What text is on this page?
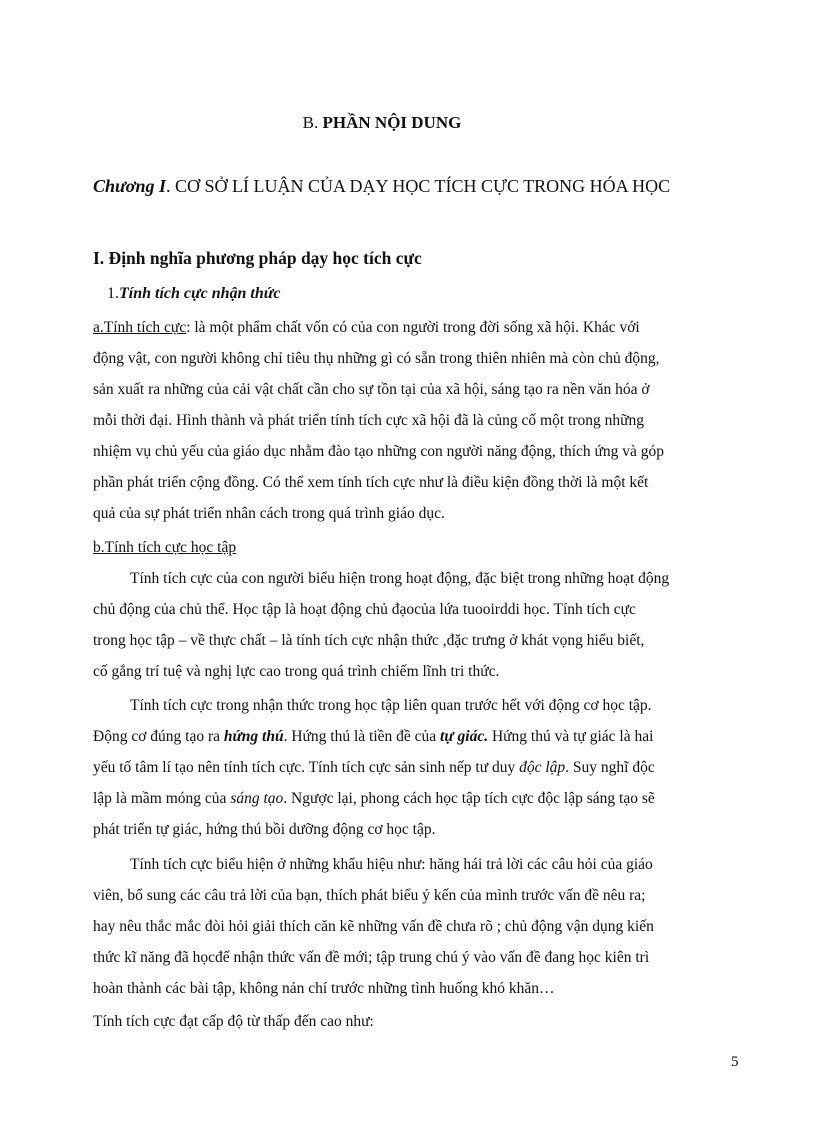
B. PHẦN NỘI DUNG
Chương I. CƠ SỞ LÍ LUẬN CỦA DẠY HỌC TÍCH CỰC TRONG HÓA HỌC
I. Định nghĩa phương pháp dạy học tích cực
1.Tính tích cực nhận thức
a.Tính tích cực: là một phẩm chất vốn có của con người trong đời sống xã hội. Khác với
động vật, con người không chỉ tiêu thụ những gì có sẵn trong thiên nhiên mà còn chủ động,
sản xuất ra những của cải vật chất cần cho sự tồn tại của xã hội, sáng tạo ra nền văn hóa ở
mỗi thời đại. Hình thành và phát triển tính tích cực xã hội đã là củng cố một trong những
nhiệm vụ chủ yếu của giáo dục nhằm đào tạo những con người năng động, thích ứng và góp
phần phát triển cộng đồng. Có thể xem tính tích cực như là điều kiện đồng thời là một kết
quả của sự phát triển nhân cách trong quá trình giáo dục.
b.Tính tích cực học tập
Tính tích cực của con người biểu hiện trong hoạt động, đặc biệt trong những hoạt động
chủ động của chủ thể. Học tập là hoạt động chủ đạocủa lứa tuooirddi học. Tính tích cực
trong học tập – về thực chất – là tính tích cực nhận thức ,đặc trưng ở khát vọng hiểu biết,
cố gắng trí tuệ và nghị lực cao trong quá trình chiếm lĩnh tri thức.
Tính tích cực trong nhận thức trong học tập liên quan trước hết với động cơ học tập.
Động cơ đúng tạo ra hứng thú. Hứng thú là tiền đề của tự giác. Hứng thú và tự giác là hai
yếu tố tâm lí tạo nên tính tích cực. Tính tích cực sản sinh nếp tư duy độc lập. Suy nghĩ độc
lập là mầm móng của sáng tạo. Ngược lại, phong cách học tập tích cực độc lập sáng tạo sẽ
phát triển tự giác, hứng thú bồi dưỡng động cơ học tập.
Tính tích cực biểu hiện ở những khẩu hiệu như: hăng hái trả lời các câu hỏi của giáo
viên, bổ sung các câu trả lời của bạn, thích phát biểu ý kến của mình trước vấn đề nêu ra;
hay nêu thắc mắc đòi hỏi giải thích căn kẽ những vấn đề chưa rõ ; chủ động vận dụng kiến
thức kĩ năng đã họcđể nhận thức vấn đề mới; tập trung chú ý vào vấn đề đang học kiên trì
hoàn thành các bài tập, không nản chí trước những tình huống khó khăn…
Tính tích cực đạt cấp độ từ thấp đến cao như:
5
